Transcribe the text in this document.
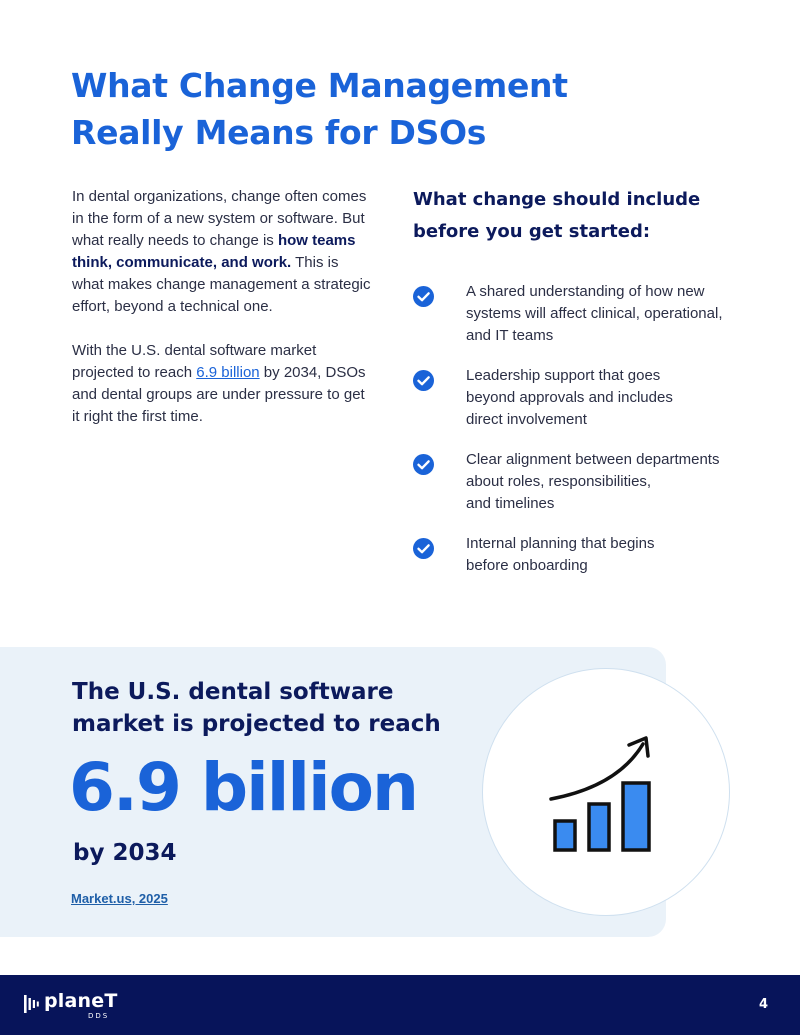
What Change Management
Really Means for DSOs

In dental organizations, change often comes in the form of a new system or software. But what really needs to change is how teams think, communicate, and work. This is what makes change management a strategic effort, beyond a technical one.

With the U.S. dental software market projected to reach 6.9 billion by 2034, DSOs and dental groups are under pressure to get it right the first time.

What change should include
before you get started:
A shared understanding of how new
systems will affect clinical, operational,
and IT teams
Leadership support that goes
beyond approvals and includes
direct involvement
Clear alignment between departments
about roles, responsibilities,
and timelines
Internal planning that begins
before onboarding
The U.S. dental software
market is projected to reach
6.9 billion
by 2034
Market.us, 2025
planeT
DDS
4
